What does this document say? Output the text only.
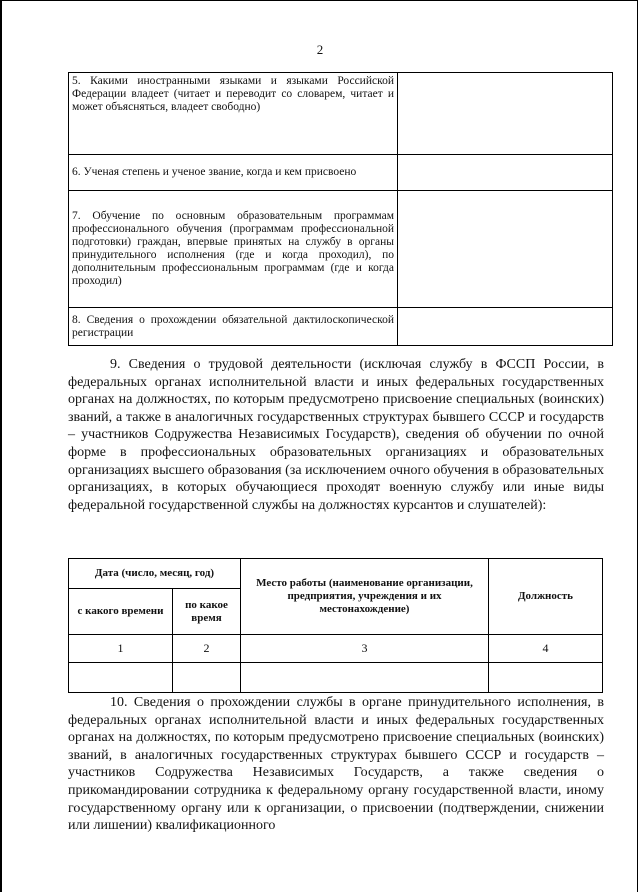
2
5. Какими иностранными языками и языками Российской Федерации владеет (читает и переводит со словарем, читает и может объясняться, владеет свободно)	
6. Ученая степень и ученое звание, когда и кем присвоено	
7. Обучение по основным образовательным программам профессионального обучения (программам профессиональной подготовки) граждан, впервые принятых на службу в органы принудительного исполнения (где и когда проходил), по дополнительным профессиональным программам (где и когда проходил)	
8. Сведения о прохождении обязательной дактилоскопической регистрации	

9. Сведения о трудовой деятельности (исключая службу в ФССП России, в федеральных органах исполнительной власти и иных федеральных государственных органах на должностях, по которым предусмотрено присвоение специальных (воинских) званий, а также в аналогичных государственных структурах бывшего СССР и государств – участников Содружества Независимых Государств), сведения об обучении по очной форме в профессиональных образовательных организациях и образовательных организациях высшего образования (за исключением очного обучения в образовательных организациях, в которых обучающиеся проходят военную службу или иные виды федеральной государственной службы на должностях курсантов и слушателей):

Дата (число, месяц, год)		Место работы (наименование организации, предприятия, учреждения и их местонахождение)	Должность
с какого времени	по какое время		
1	2	3	4

10. Сведения о прохождении службы в органе принудительного исполнения, в федеральных органах исполнительной власти и иных федеральных государственных органах на должностях, по которым предусмотрено присвоение специальных (воинских) званий, в аналогичных государственных структурах бывшего СССР и государств – участников Содружества Независимых Государств, а также сведения о прикомандировании сотрудника к федеральному органу государственной власти, иному государственному органу или к организации, о присвоении (подтверждении, снижении или лишении) квалификационного
